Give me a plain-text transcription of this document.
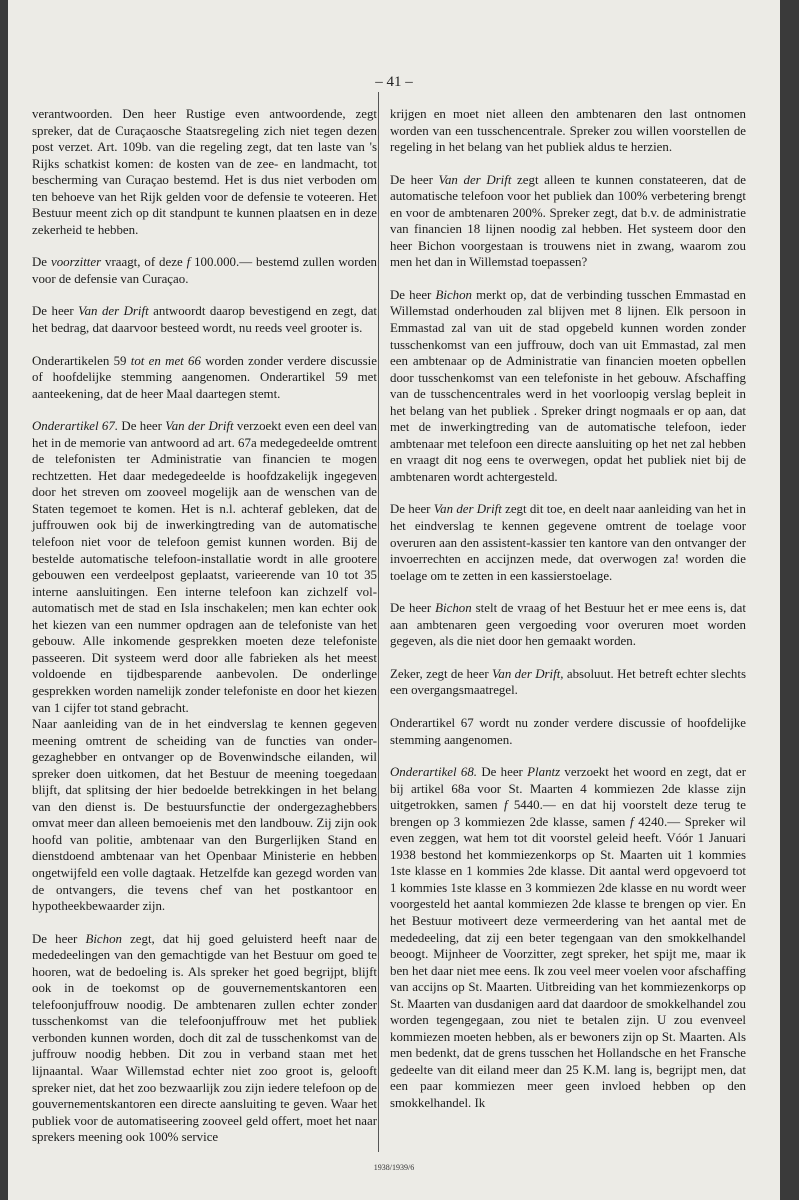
– 41 –

verantwoorden. Den heer Rustige even antwoordende, zegt spreker, dat de Curaçaosche Staatsregeling zich niet tegen dezen post verzet. Art. 109b. van die regeling zegt, dat ten laste van 's Rijks schatkist komen: de kosten van de zee- en landmacht, tot bescherming van Curaçao bestemd. Het is dus niet verboden om ten behoeve van het Rijk gelden voor de defensie te voteeren. Het Bestuur meent zich op dit standpunt te kunnen plaatsen en in deze zekerheid te hebben.

De voorzitter vraagt, of deze f 100.000.— bestemd zullen worden voor de defensie van Curaçao.

De heer Van der Drift antwoordt daarop bevestigend en zegt, dat het bedrag, dat daarvoor besteed wordt, nu reeds veel grooter is.

Onderartikelen 59 tot en met 66 worden zonder verdere discussie of hoofdelijke stemming aangenomen. Onderartikel 59 met aanteekening, dat de heer Maal daartegen stemt.

Onderartikel 67. De heer Van der Drift verzoekt even een deel van het in de memorie van antwoord ad art. 67a medegedeelde omtrent de telefonisten ter Administratie van financien te mogen rechtzetten. Het daar medegedeelde is hoofdzakelijk ingegeven door het streven om zooveel mogelijk aan de wenschen van de Staten tegemoet te komen. Het is n.l. achteraf gebleken, dat de juffrouwen ook bij de inwerkingtreding van de automatische telefoon niet voor de telefoon gemist kunnen worden. Bij de bestelde automatische telefoon-installatie wordt in alle grootere gebouwen een verdeelpost geplaatst, varieerende van 10 tot 35 interne aansluitingen. Een interne telefoon kan zichzelf vol-automatisch met de stad en Isla inschakelen; men kan echter ook het kiezen van een nummer opdragen aan de telefoniste van het gebouw. Alle inkomende gesprekken moeten deze telefoniste passeeren. Dit systeem werd door alle fabrieken als het meest voldoende en tijdbesparende aanbevolen. De onderlinge gesprekken worden namelijk zonder telefoniste en door het kiezen van 1 cijfer tot stand gebracht.

Naar aanleiding van de in het eindverslag te kennen gegeven meening omtrent de scheiding van de functies van onder-gezaghebber en ontvanger op de Bovenwindsche eilanden, wil spreker doen uitkomen, dat het Bestuur de meening toegedaan blijft, dat splitsing der hier bedoelde betrekkingen in het belang van den dienst is. De bestuursfunctie der ondergezaghebbers omvat meer dan alleen bemoeienis met den landbouw. Zij zijn ook hoofd van politie, ambtenaar van den Burgerlijken Stand en dienstdoend ambtenaar van het Openbaar Ministerie en hebben ongetwijfeld een volle dagtaak. Hetzelfde kan gezegd worden van de ontvangers, die tevens chef van het postkantoor en hypotheekbewaarder zijn.

De heer Bichon zegt, dat hij goed geluisterd heeft naar de mededeelingen van den gemachtigde van het Bestuur om goed te hooren, wat de bedoeling is. Als spreker het goed begrijpt, blijft ook in de toekomst op de gouvernementskantoren een telefoonjuffrouw noodig. De ambtenaren zullen echter zonder tusschenkomst van die telefoonjuffrouw met het publiek verbonden kunnen worden, doch dit zal de tusschenkomst van de juffrouw noodig hebben. Dit zou in verband staan met het lijnaantal. Waar Willemstad echter niet zoo groot is, gelooft spreker niet, dat het zoo bezwaarlijk zou zijn iedere telefoon op de gouvernementskantoren een directe aansluiting te geven. Waar het publiek voor de automatiseering zooveel geld offert, moet het naar sprekers meening ook 100% service

krijgen en moet niet alleen den ambtenaren den last ontnomen worden van een tusschencentrale. Spreker zou willen voorstellen de regeling in het belang van het publiek aldus te herzien.

De heer Van der Drift zegt alleen te kunnen constateeren, dat de automatische telefoon voor het publiek dan 100% verbetering brengt en voor de ambtenaren 200%. Spreker zegt, dat b.v. de administratie van financien 18 lijnen noodig zal hebben. Het systeem door den heer Bichon voorgestaan is trouwens niet in zwang, waarom zou men het dan in Willemstad toepassen?

De heer Bichon merkt op, dat de verbinding tusschen Emmastad en Willemstad onderhouden zal blijven met 8 lijnen. Elk persoon in Emmastad zal van uit de stad opgebeld kunnen worden zonder tusschenkomst van een juffrouw, doch van uit Emmastad, zal men een ambtenaar op de Administratie van financien moeten opbellen door tusschenkomst van een telefoniste in het gebouw. Afschaffing van de tusschencentrales werd in het voorloopig verslag bepleit in het belang van het publiek . Spreker dringt nogmaals er op aan, dat met de inwerkingtreding van de automatische telefoon, ieder ambtenaar met telefoon een directe aansluiting op het net zal hebben en vraagt dit nog eens te overwegen, opdat het publiek niet bij de ambtenaren wordt achtergesteld.

De heer Van der Drift zegt dit toe, en deelt naar aanleiding van het in het eindverslag te kennen gegevene omtrent de toelage voor overuren aan den assistent-kassier ten kantore van den ontvanger der invoerrechten en accijnzen mede, dat overwogen za! worden die toelage om te zetten in een kassierstoelage.

De heer Bichon stelt de vraag of het Bestuur het er mee eens is, dat aan ambtenaren geen vergoeding voor overuren moet worden gegeven, als die niet door hen gemaakt worden.

Zeker, zegt de heer Van der Drift, absoluut. Het betreft echter slechts een overgangsmaatregel.

Onderartikel 67 wordt nu zonder verdere discussie of hoofdelijke stemming aangenomen.

Onderartikel 68. De heer Plantz verzoekt het woord en zegt, dat er bij artikel 68a voor St. Maarten 4 kommiezen 2de klasse zijn uitgetrokken, samen f 5440.— en dat hij voorstelt deze terug te brengen op 3 kommiezen 2de klasse, samen f 4240.— Spreker wil even zeggen, wat hem tot dit voorstel geleid heeft. Vóór 1 Januari 1938 bestond het kommiezenkorps op St. Maarten uit 1 kommies 1ste klasse en 1 kommies 2de klasse. Dit aantal werd opgevoerd tot 1 kommies 1ste klasse en 3 kommiezen 2de klasse en nu wordt weer voorgesteld het aantal kommiezen 2de klasse te brengen op vier. En het Bestuur motiveert deze vermeerdering van het aantal met de mededeeling, dat zij een beter tegengaan van den smokkelhandel beoogt. Mijnheer de Voorzitter, zegt spreker, het spijt me, maar ik ben het daar niet mee eens. Ik zou veel meer voelen voor afschaffing van accijns op St. Maarten. Uitbreiding van het kommiezenkorps op St. Maarten van dusdanigen aard dat daardoor de smokkelhandel zou worden tegengegaan, zou niet te betalen zijn. U zou evenveel kommiezen moeten hebben, als er bewoners zijn op St. Maarten. Als men bedenkt, dat de grens tusschen het Hollandsche en het Fransche gedeelte van dit eiland meer dan 25 K.M. lang is, begrijpt men, dat een paar kommiezen meer geen invloed hebben op den smokkelhandel. Ik

1938/1939/6
